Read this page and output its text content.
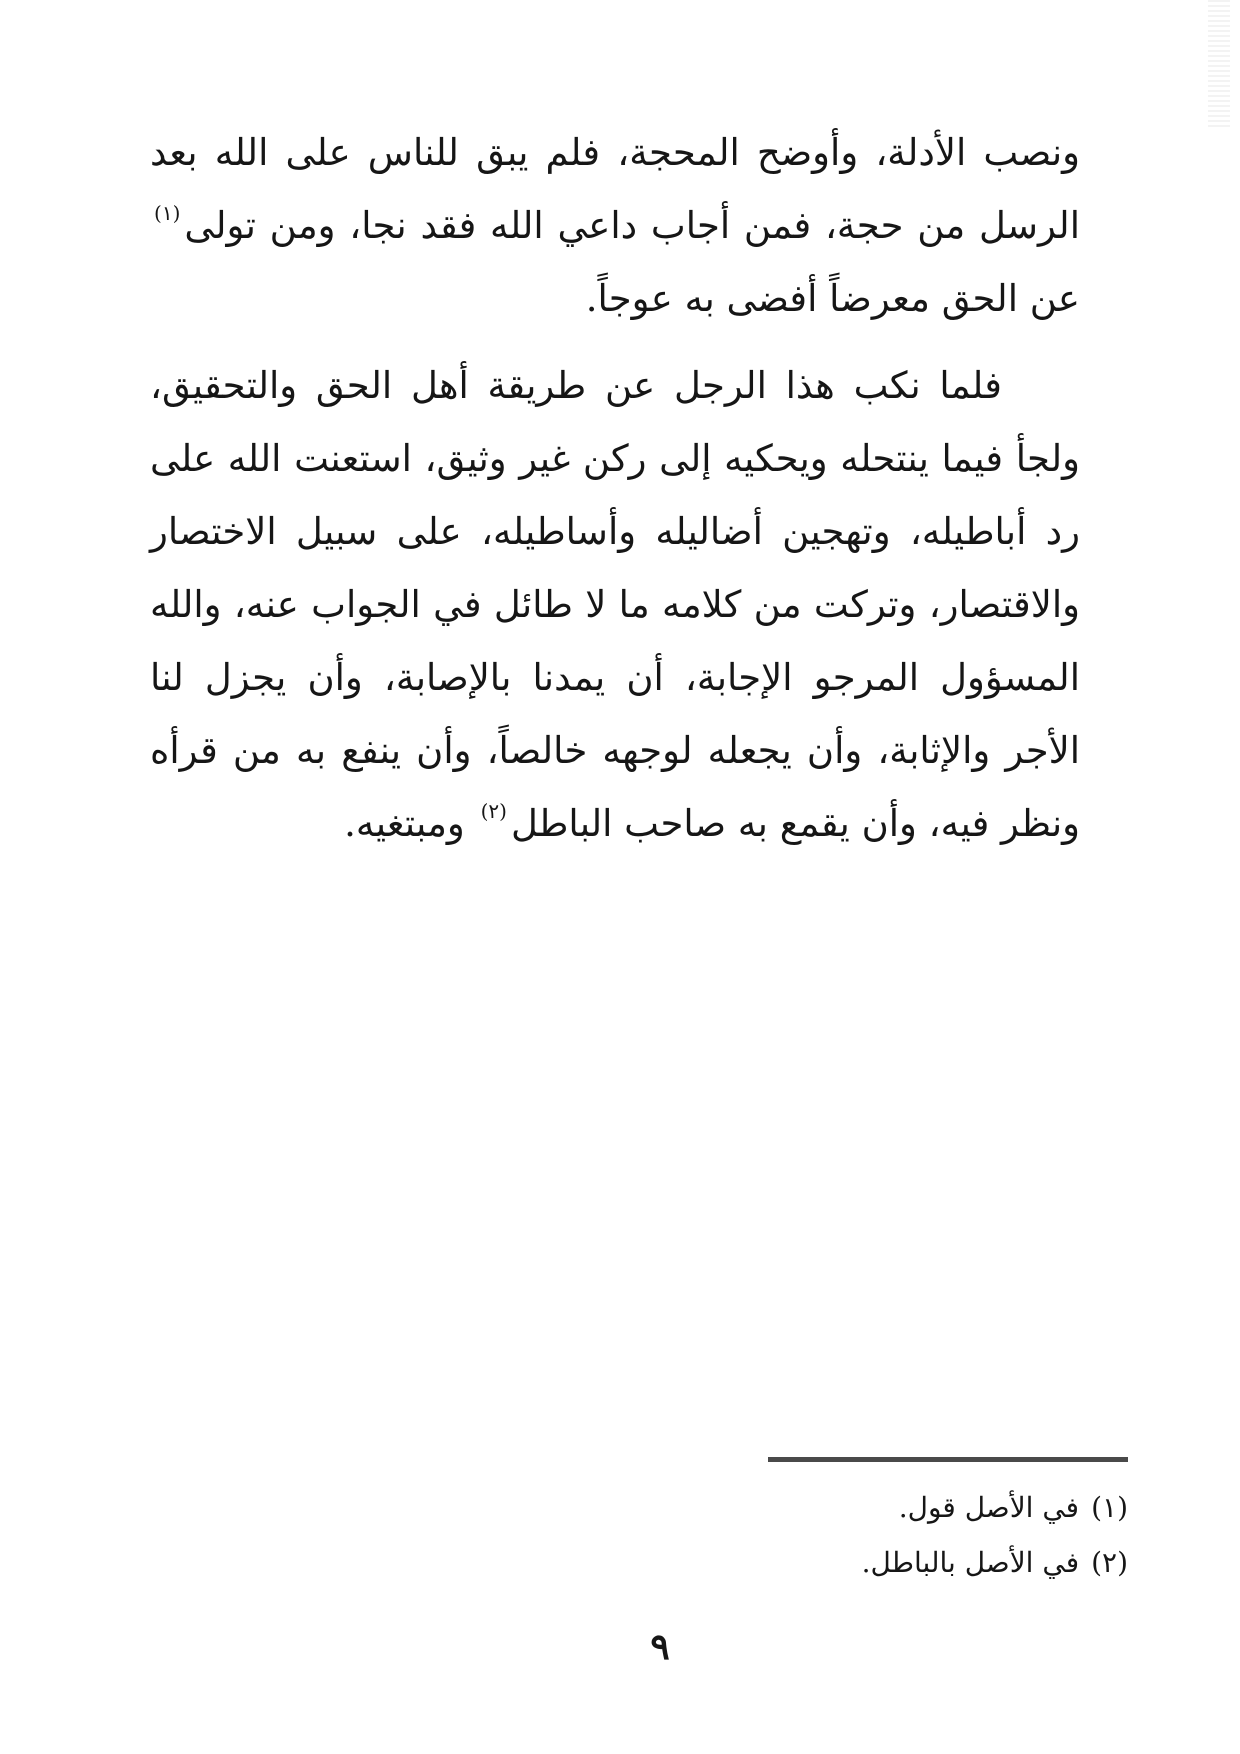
ونصب الأدلة، وأوضح المحجة، فلم يبق للناس على الله بعد الرسل من حجة، فمن أجاب داعي الله فقد نجا، ومن تولى$^{(١)}$ عن الحق معرضاً أفضى به عوجاً.

فلما نكب هذا الرجل عن طريقة أهل الحق والتحقيق، ولجأ فيما ينتحله ويحكيه إلى ركن غير وثيق، استعنت الله على رد أباطيله، وتهجين أضاليله وأساطيله، على سبيل الاختصار والاقتصار، وتركت من كلامه ما لا طائل في الجواب عنه، والله المسؤول المرجو الإجابة، أن يمدنا بالإصابة، وأن يجزل لنا الأجر والإثابة، وأن يجعله لوجهه خالصاً، وأن ينفع به من قرأه ونظر فيه، وأن يقمع به صاحب الباطل$^{(٢)}$ ومبتغيه.

(١)في الأصل قول.

(٢)في الأصل بالباطل.

٩
